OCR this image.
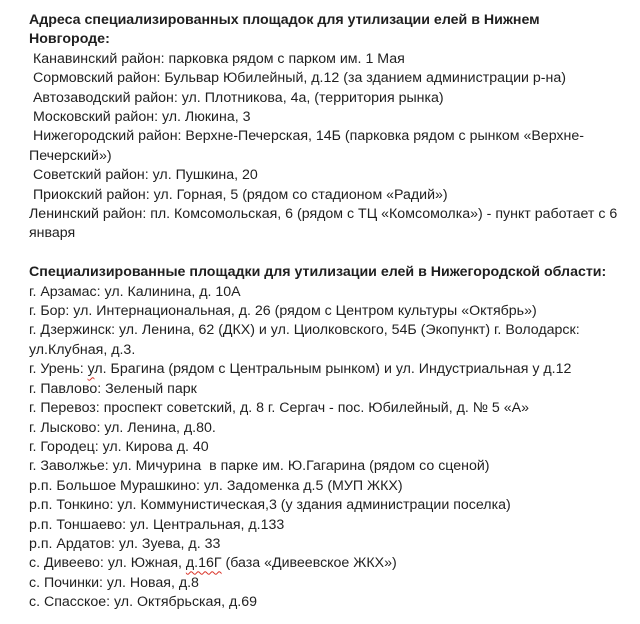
Адреса специализированных площадок для утилизации елей в Нижнем Новгороде:
Канавинский район: парковка рядом с парком им. 1 Мая
Сормовский район: Бульвар Юбилейный, д.12 (за зданием администрации р-на)
Автозаводский район: ул. Плотникова, 4а, (территория рынка)
Московский район: ул. Люкина, 3
Нижегородский район: Верхне-Печерская, 14Б (парковка рядом с рынком «Верхне-Печерский»)
Советский район: ул. Пушкина, 20
Приокский район: ул. Горная, 5 (рядом со стадионом «Радий»)
Ленинский район: пл. Комсомольская, 6 (рядом с ТЦ «Комсомолка») - пункт работает с 6 января
Специализированные площадки для утилизации елей в Нижегородской области:
г. Арзамас: ул. Калинина, д. 10А
г. Бор: ул. Интернациональная, д. 26 (рядом с Центром культуры «Октябрь»)
г. Дзержинск: ул. Ленина, 62 (ДКХ) и ул. Циолковского, 54Б (Экопункт) г. Володарск: ул.Клубная, д.3.
г. Урень: ул. Брагина (рядом с Центральным рынком) и ул. Индустриальная у д.12
г. Павлово: Зеленый парк
г. Перевоз: проспект советский, д. 8 г. Сергач - пос. Юбилейный, д. № 5 «А»
г. Лысково: ул. Ленина, д.80.
г. Городец: ул. Кирова д. 40
г. Заволжье: ул. Мичурина  в парке им. Ю.Гагарина (рядом со сценой)
р.п. Большое Мурашкино: ул. Задоменка д.5 (МУП ЖКХ)
р.п. Тонкино: ул. Коммунистическая,3 (у здания администрации поселка)
р.п. Тоншаево: ул. Центральная, д.133
р.п. Ардатов: ул. Зуева, д. 33
с. Дивеево: ул. Южная, д.16Г (база «Дивеевское ЖКХ»)
с. Починки: ул. Новая, д.8
с. Спасское: ул. Октябрьская, д.69
